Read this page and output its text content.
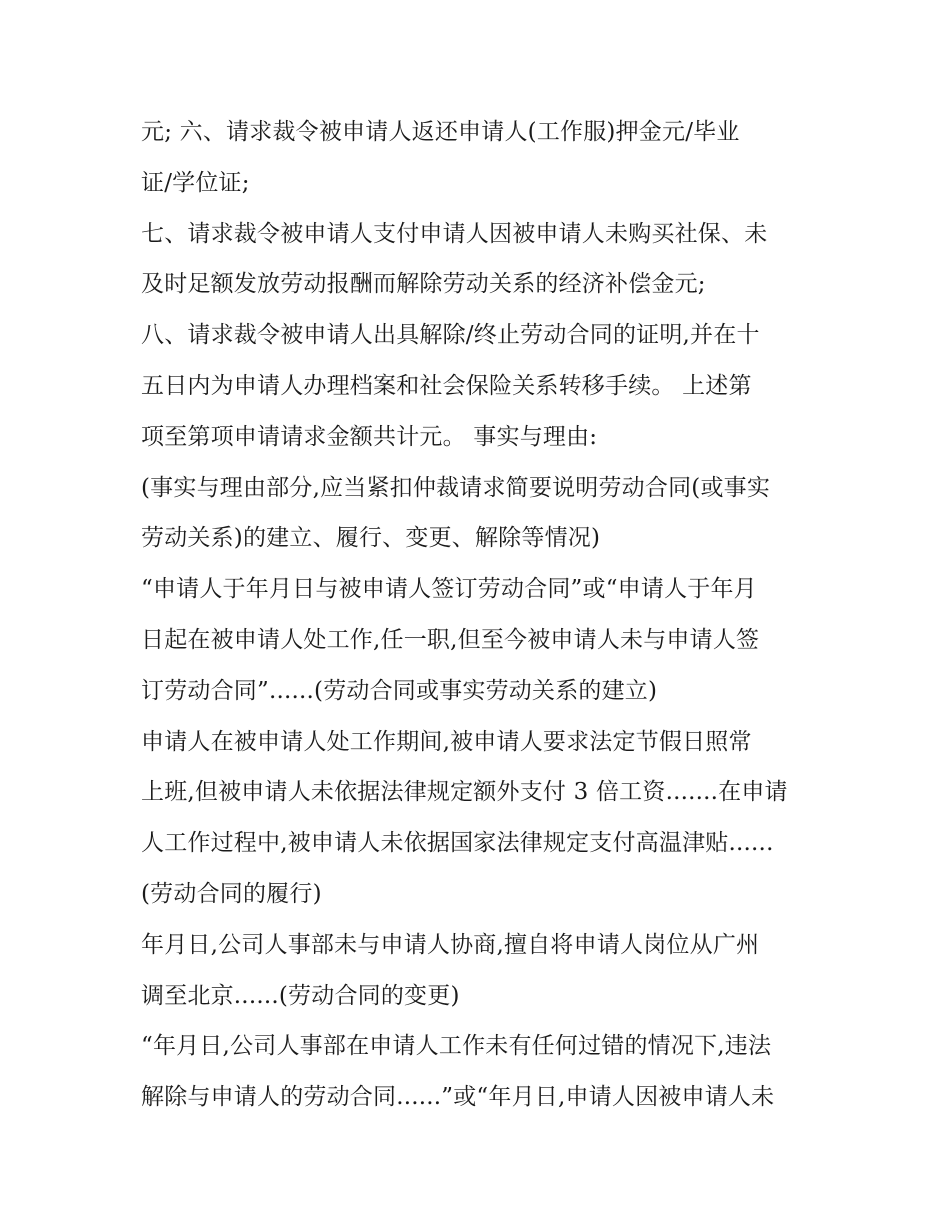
元; 六、请求裁令被申请人返还申请人(工作服)押金元/毕业
证/学位证;
七、请求裁令被申请人支付申请人因被申请人未购买社保、未
及时足额发放劳动报酬而解除劳动关系的经济补偿金元;
八、请求裁令被申请人出具解除/终止劳动合同的证明,并在十
五日内为申请人办理档案和社会保险关系转移手续。 上述第
项至第项申请请求金额共计元。 事实与理由:
(事实与理由部分,应当紧扣仲裁请求简要说明劳动合同(或事实
劳动关系)的建立、履行、变更、解除等情况)
“申请人于年月日与被申请人签订劳动合同”或“申请人于年月
日起在被申请人处工作,任一职,但至今被申请人未与申请人签
订劳动合同”......(劳动合同或事实劳动关系的建立)
申请人在被申请人处工作期间,被申请人要求法定节假日照常
上班,但被申请人未依据法律规定额外支付 3 倍工资.......在申请
人工作过程中,被申请人未依据国家法律规定支付高温津贴......
(劳动合同的履行)
年月日,公司人事部未与申请人协商,擅自将申请人岗位从广州
调至北京......(劳动合同的变更)
“年月日,公司人事部在申请人工作未有任何过错的情况下,违法
解除与申请人的劳动合同......”或“年月日,申请人因被申请人未
